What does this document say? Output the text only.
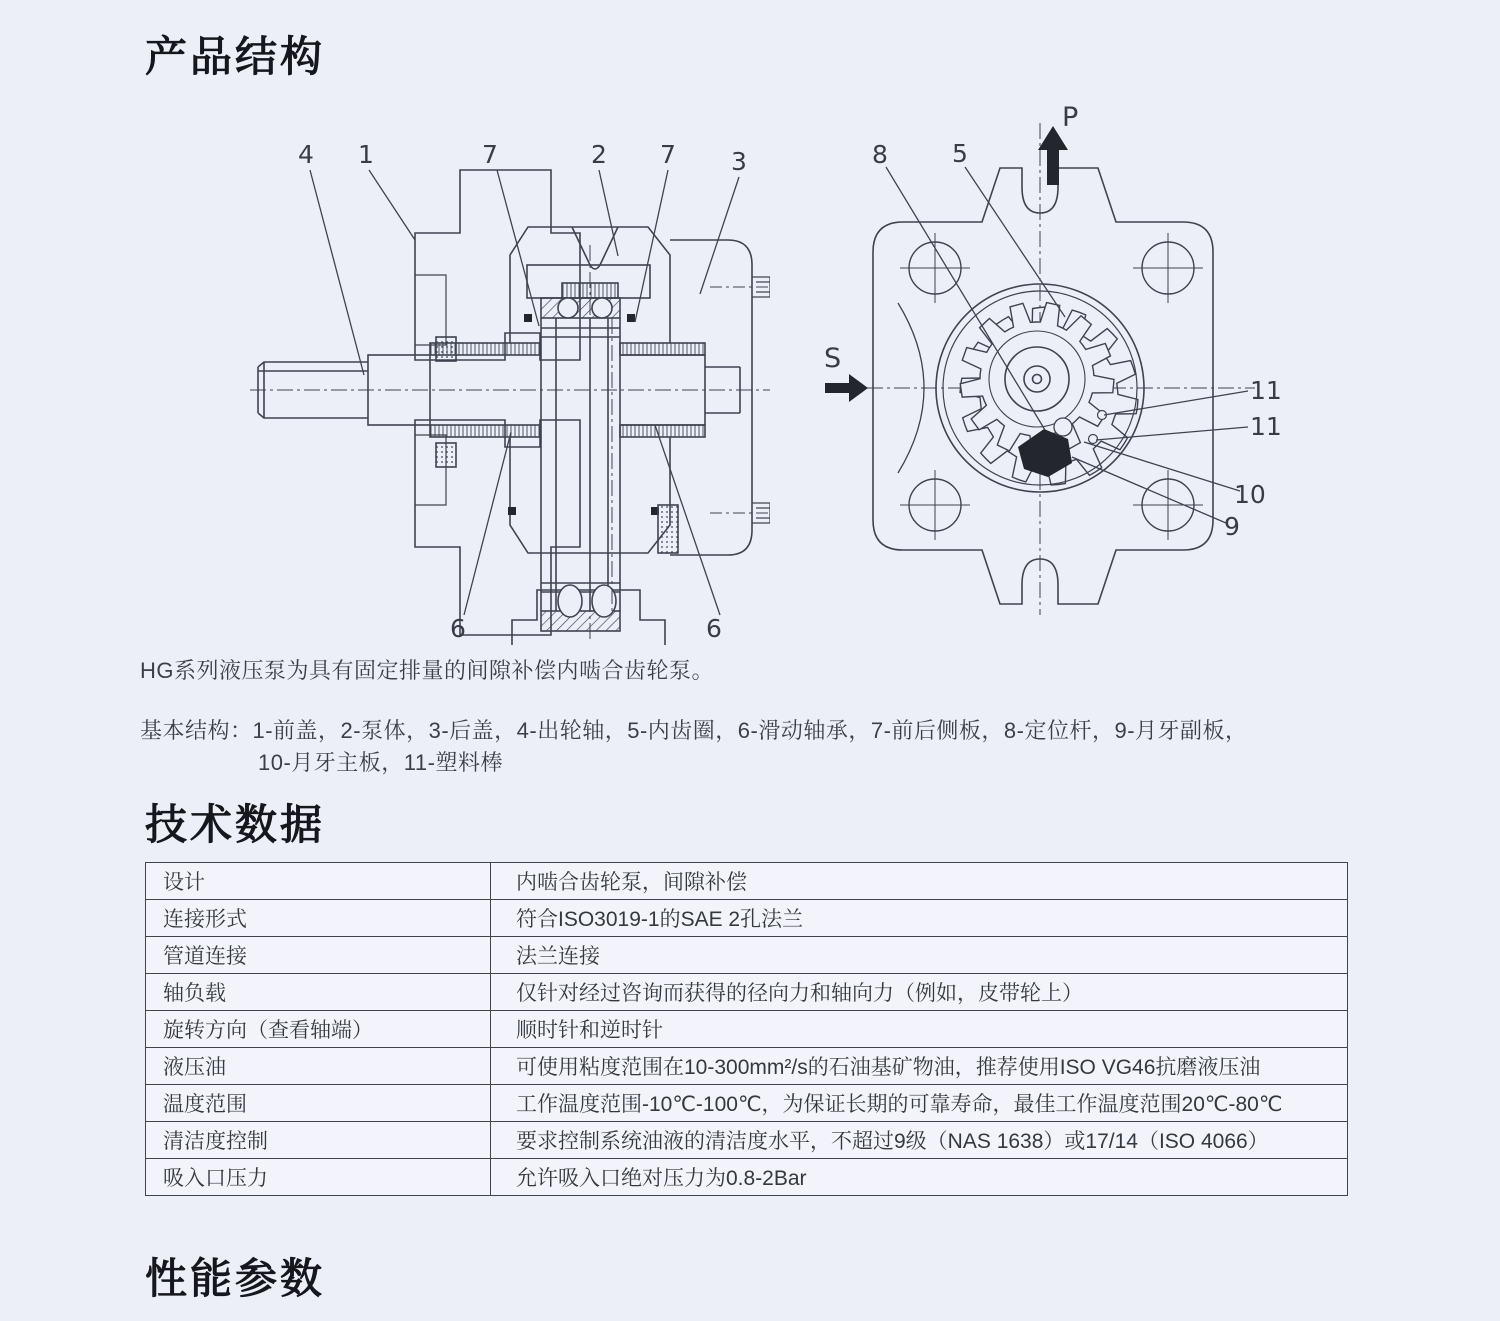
产品结构
4 1	7	2 7 3
6	6
P
S
8	5
11
11
10
9
HG系列液压泵为具有固定排量的间隙补偿内啮合齿轮泵。
基本结构：1-前盖，2-泵体，3-后盖，4-出轮轴，5-内齿圈，6-滑动轴承，7-前后侧板，8-定位杆，9-月牙副板，
10-月牙主板，11-塑料棒
技术数据
设计	内啮合齿轮泵，间隙补偿
连接形式	符合ISO3019-1的SAE 2孔法兰
管道连接	法兰连接
轴负载	仅针对经过咨询而获得的径向力和轴向力（例如，皮带轮上）
旋转方向（查看轴端）	顺时针和逆时针
液压油	可使用粘度范围在10-300mm²/s的石油基矿物油，推荐使用ISO VG46抗磨液压油
温度范围	工作温度范围-10℃-100℃，为保证长期的可靠寿命，最佳工作温度范围20℃-80℃
清洁度控制	要求控制系统油液的清洁度水平，不超过9级（NAS 1638）或17/14（ISO 4066）
吸入口压力	允许吸入口绝对压力为0.8-2Bar
性能参数
